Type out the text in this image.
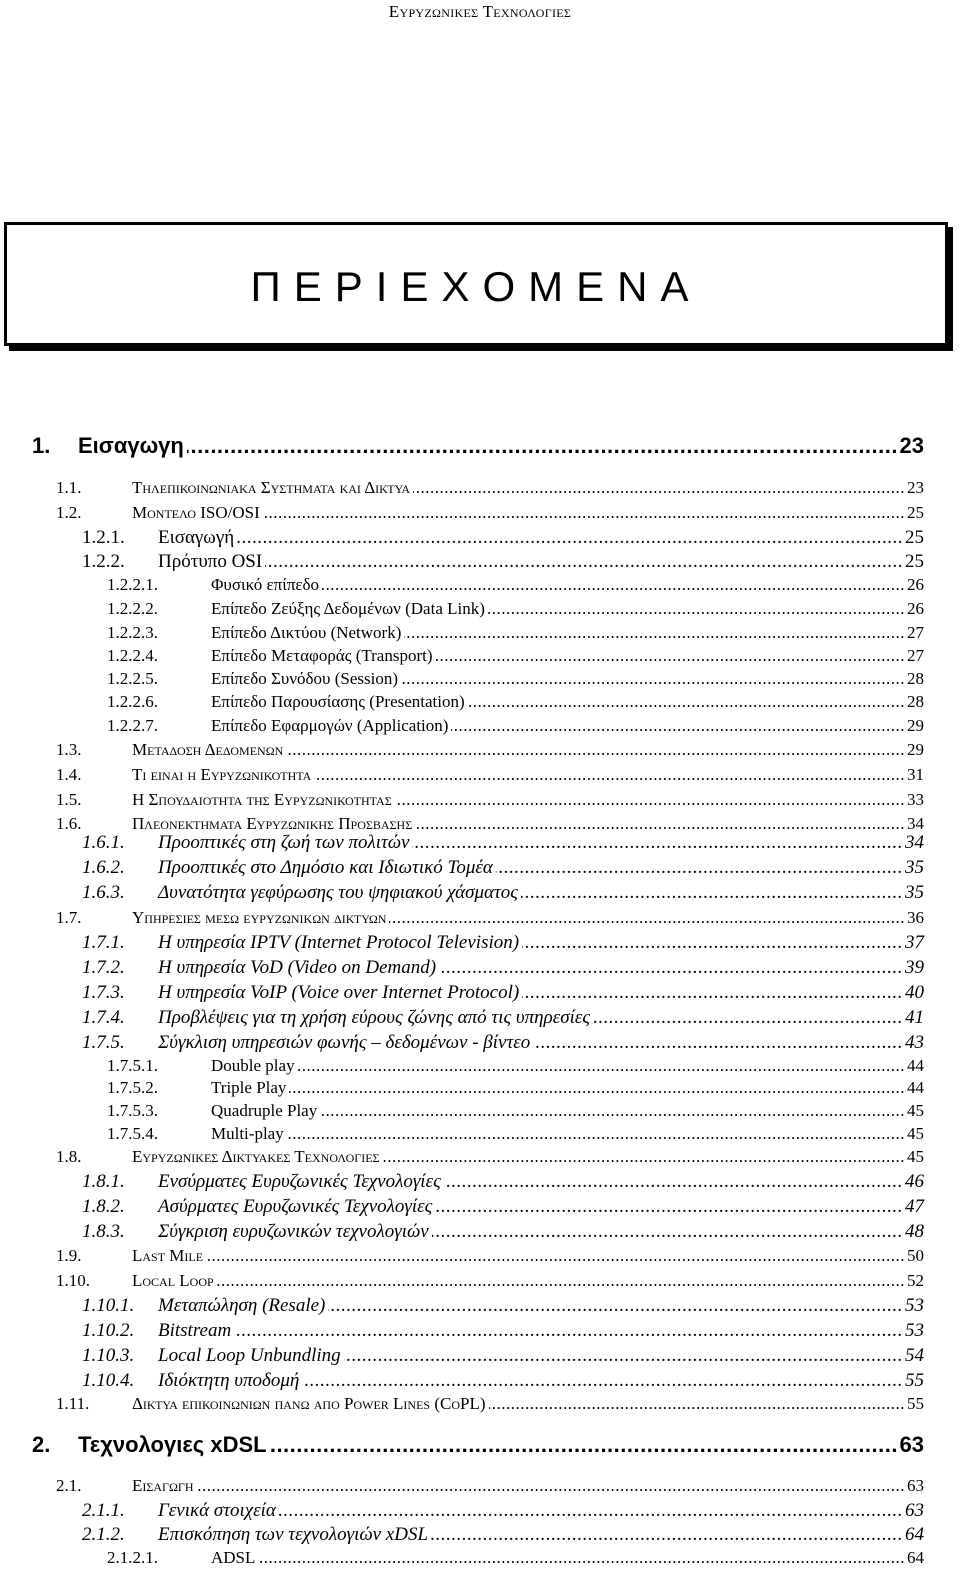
Ευρυζωνικες Τεχνολογιες
ΠΕΡΙΕΧΟΜΕΝΑ
1. Εισαγωγη .....	23
1.1.	Τηλεπικοινωνιακα Συστηματα και Δικτυα .....	23
1.2.	Μοντελο ISO/OSI .....	25
1.2.1. Εισαγωγή .....	25
1.2.2. Πρότυπο OSI .....	25
1.2.2.1.	Φυσικό επίπεδο .....	26
1.2.2.2.	Επίπεδο Ζεύξης Δεδομένων (Data Link) .....	26
1.2.2.3.	Επίπεδο Δικτύου (Network) .....	27
1.2.2.4.	Επίπεδο Μεταφοράς (Transport) .....	27
1.2.2.5.	Επίπεδο Συνόδου (Session) .....	28
1.2.2.6.	Επίπεδο Παρουσίασης (Presentation) .....	28
1.2.2.7.	Επίπεδο Εφαρμογών (Application) .....	29
1.3.	Μεταδοση Δεδομενων .....	29
1.4.	Τι ειναι η Ευρυζωνικοτητα .....	31
1.5.	Η Σπουδαιοτητα της Ευρυζωνικοτητας .....	33
1.6.	Πλεονεκτηματα Ευρυζωνικης Προσβασης .....	34
1.6.1. Προοπτικές στη ζωή των πολιτών .....	34
1.6.2. Προοπτικές στο Δημόσιο και Ιδιωτικό Τομέα .....	35
1.6.3. Δυνατότητα γεφύρωσης του ψηφιακού χάσματος .....	35
1.7.	Υπηρεσιες μεσω ευρυζωνικων δικτυων .....	36
1.7.1. Η υπηρεσία IPTV (Internet Protocol Television) .....	37
1.7.2. Η υπηρεσία VoD (Video on Demand) .....	39
1.7.3. Η υπηρεσία VoIP (Voice over Internet Protocol) .....	40
1.7.4. Προβλέψεις για τη χρήση εύρους ζώνης από τις υπηρεσίες .....	41
1.7.5. Σύγκλιση υπηρεσιών φωνής – δεδομένων - βίντεο .....	43
1.7.5.1.	Double play .....	44
1.7.5.2.	Triple Play .....	44
1.7.5.3.	Quadruple Play .....	45
1.7.5.4.	Multi-play .....	45
1.8.	Ευρυζωνικες Δικτυακες Τεχνολογιες .....	45
1.8.1. Ενσύρματες Ευρυζωνικές Τεχνολογίες .....	46
1.8.2. Ασύρματες Ευρυζωνικές Τεχνολογίες .....	47
1.8.3. Σύγκριση ευρυζωνικών τεχνολογιών .....	48
1.9.	Last Mile .....	50
1.10. Local Loop .....	52
1.10.1. Μεταπώληση (Resale) .....	53
1.10.2. Bitstream .....	53
1.10.3. Local Loop Unbundling .....	54
1.10.4. Ιδιόκτητη υποδομή .....	55
1.11.	Δικτυα επικοινωνιων πανω απο Power Lines (CoPL) .....	55
2. Τεχνολογιες xDSL .....	63
2.1.	Εισαγωγη .....	63
2.1.1. Γενικά στοιχεία .....	63
2.1.2. Επισκόπηση των τεχνολογιών xDSL .....	64
2.1.2.1.	ADSL .....	64
